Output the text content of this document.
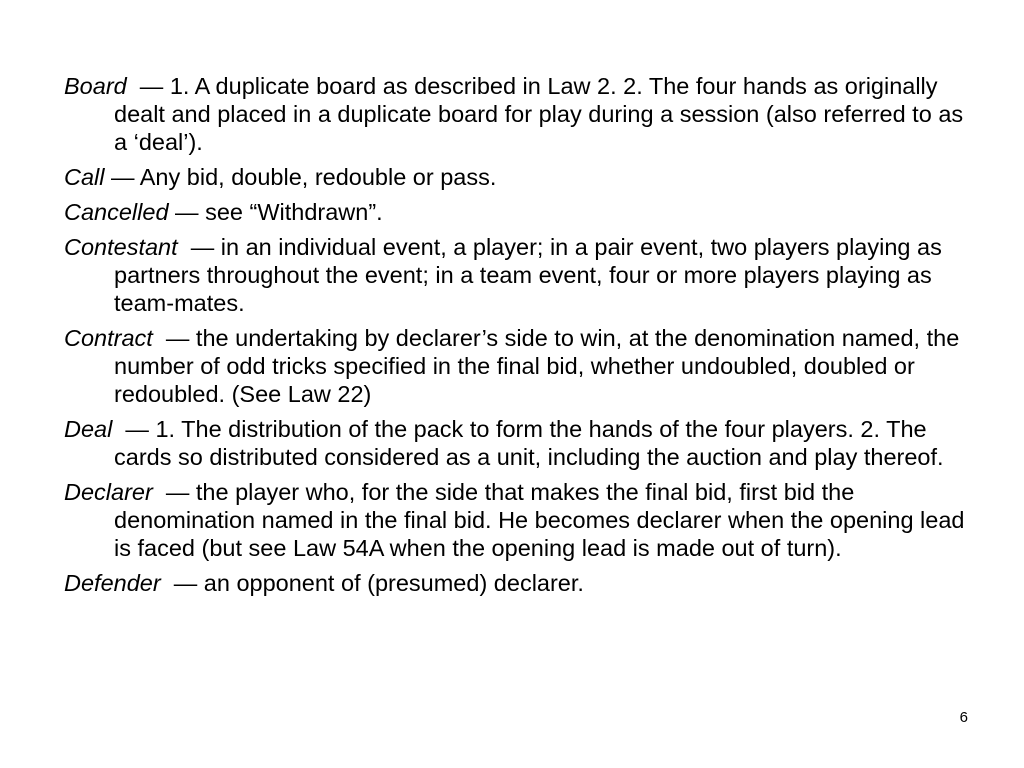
Board  — 1. A duplicate board as described in Law 2. 2. The four hands as originally dealt and placed in a duplicate board for play during a session (also referred to as a ‘deal’).

Call — Any bid, double, redouble or pass.

Cancelled — see “Withdrawn”.

Contestant  — in an individual event, a player; in a pair event, two players playing as partners throughout the event; in a team event, four or more players playing as team-mates.

Contract  — the undertaking by declarer’s side to win, at the denomination named, the number of odd tricks specified in the final bid, whether undoubled, doubled or redoubled. (See Law 22)

Deal  — 1. The distribution of the pack to form the hands of the four players. 2. The cards so distributed considered as a unit, including the auction and play thereof.

Declarer  — the player who, for the side that makes the final bid, first bid the denomination named in the final bid. He becomes declarer when the opening lead is faced (but see Law 54A when the opening lead is made out of turn).

Defender  — an opponent of (presumed) declarer.

6
